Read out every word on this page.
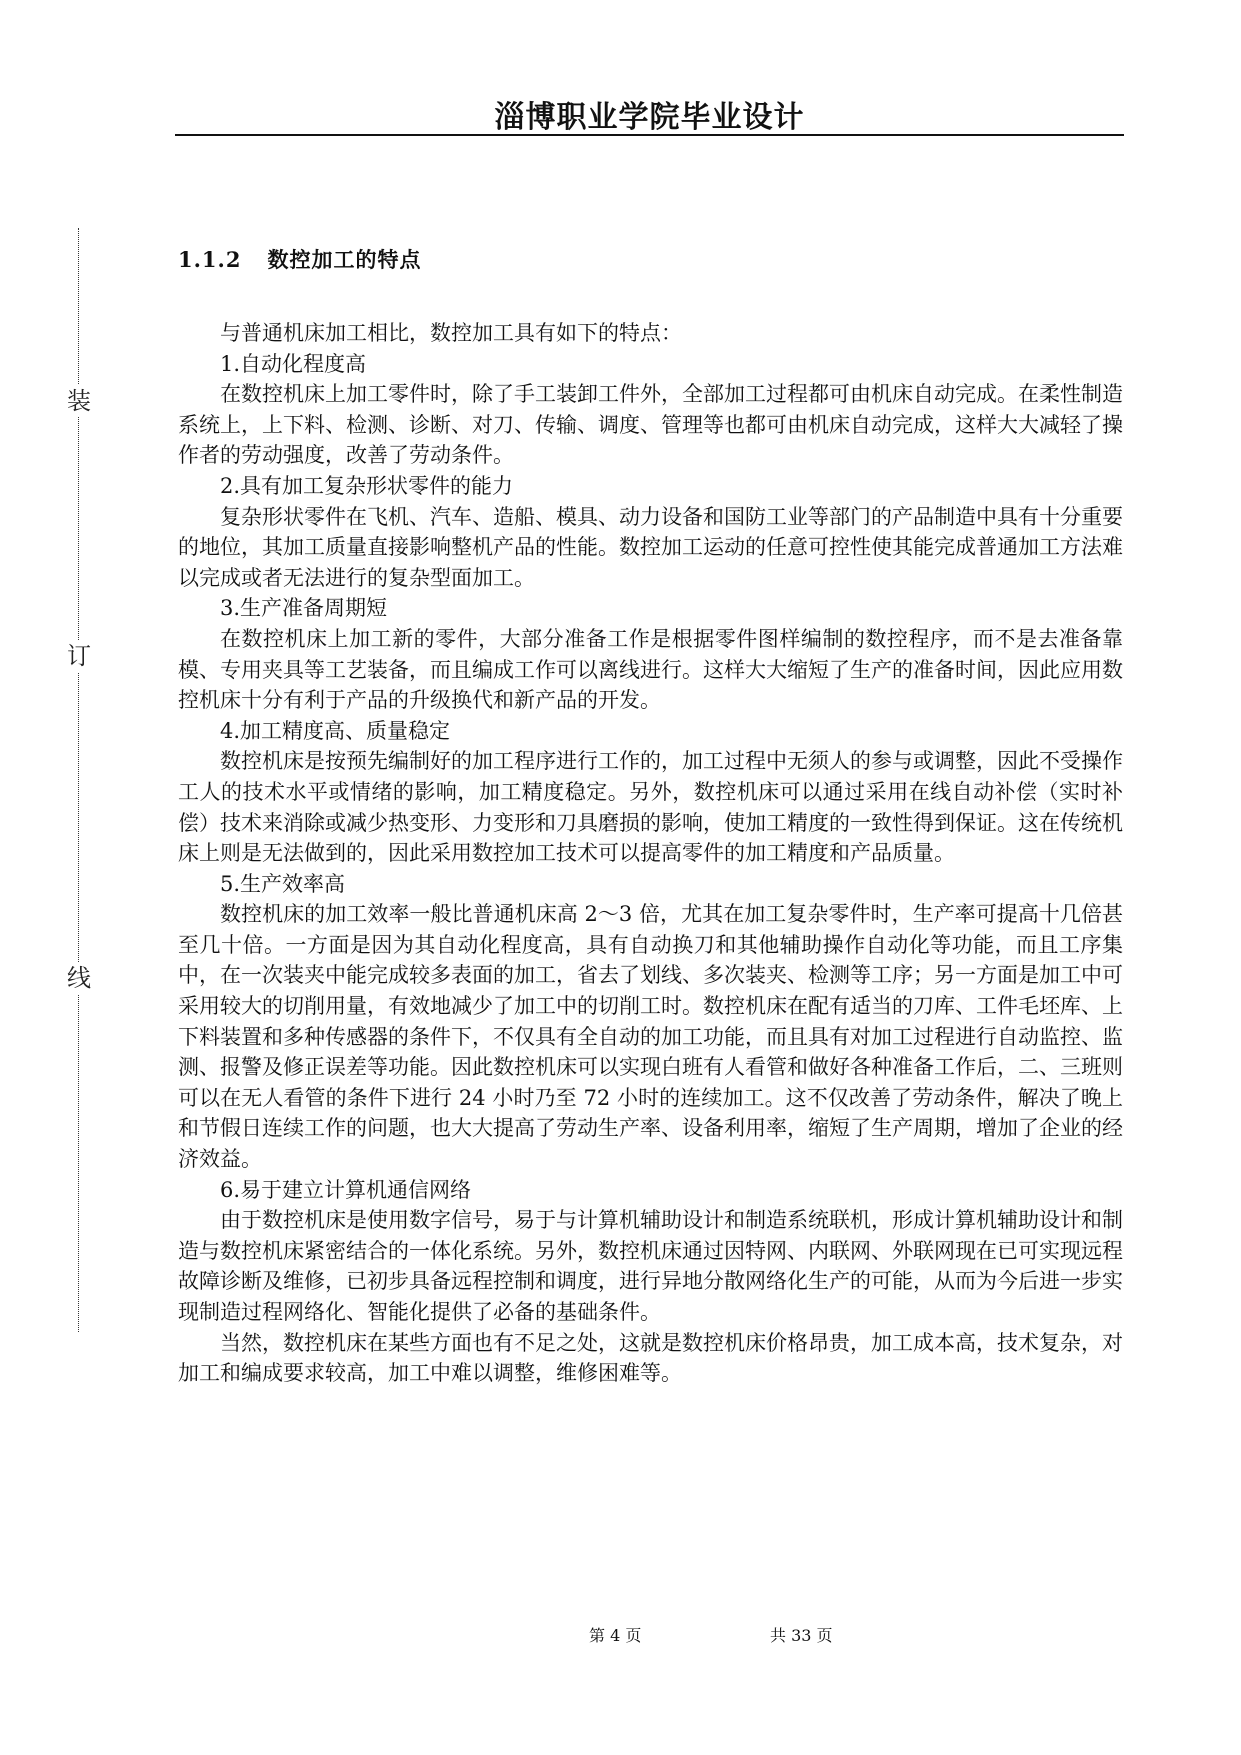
淄博职业学院毕业设计
装
订
线
1.1.2 数控加工的特点

与普通机床加工相比，数控加工具有如下的特点：

1.自动化程度高

在数控机床上加工零件时，除了手工装卸工件外，全部加工过程都可由机床自动完成。在柔性制造系统上，上下料、检测、诊断、对刀、传输、调度、管理等也都可由机床自动完成，这样大大减轻了操作者的劳动强度，改善了劳动条件。

2.具有加工复杂形状零件的能力

复杂形状零件在飞机、汽车、造船、模具、动力设备和国防工业等部门的产品制造中具有十分重要的地位，其加工质量直接影响整机产品的性能。数控加工运动的任意可控性使其能完成普通加工方法难以完成或者无法进行的复杂型面加工。

3.生产准备周期短

在数控机床上加工新的零件，大部分准备工作是根据零件图样编制的数控程序，而不是去准备靠模、专用夹具等工艺装备，而且编成工作可以离线进行。这样大大缩短了生产的准备时间，因此应用数控机床十分有利于产品的升级换代和新产品的开发。

4.加工精度高、质量稳定

数控机床是按预先编制好的加工程序进行工作的，加工过程中无须人的参与或调整，因此不受操作工人的技术水平或情绪的影响，加工精度稳定。另外，数控机床可以通过采用在线自动补偿（实时补偿）技术来消除或减少热变形、力变形和刀具磨损的影响，使加工精度的一致性得到保证。这在传统机床上则是无法做到的，因此采用数控加工技术可以提高零件的加工精度和产品质量。

5.生产效率高

数控机床的加工效率一般比普通机床高 2～3 倍，尤其在加工复杂零件时，生产率可提高十几倍甚至几十倍。一方面是因为其自动化程度高，具有自动换刀和其他辅助操作自动化等功能，而且工序集中，在一次装夹中能完成较多表面的加工，省去了划线、多次装夹、检测等工序；另一方面是加工中可采用较大的切削用量，有效地减少了加工中的切削工时。数控机床在配有适当的刀库、工件毛坯库、上下料装置和多种传感器的条件下，不仅具有全自动的加工功能，而且具有对加工过程进行自动监控、监测、报警及修正误差等功能。因此数控机床可以实现白班有人看管和做好各种准备工作后，二、三班则可以在无人看管的条件下进行 24 小时乃至 72 小时的连续加工。这不仅改善了劳动条件，解决了晚上和节假日连续工作的问题，也大大提高了劳动生产率、设备利用率，缩短了生产周期，增加了企业的经济效益。

6.易于建立计算机通信网络

由于数控机床是使用数字信号，易于与计算机辅助设计和制造系统联机，形成计算机辅助设计和制造与数控机床紧密结合的一体化系统。另外，数控机床通过因特网、内联网、外联网现在已可实现远程故障诊断及维修，已初步具备远程控制和调度，进行异地分散网络化生产的可能，从而为今后进一步实现制造过程网络化、智能化提供了必备的基础条件。

当然，数控机床在某些方面也有不足之处，这就是数控机床价格昂贵，加工成本高，技术复杂，对加工和编成要求较高，加工中难以调整，维修困难等。

第 4 页	共 33 页
